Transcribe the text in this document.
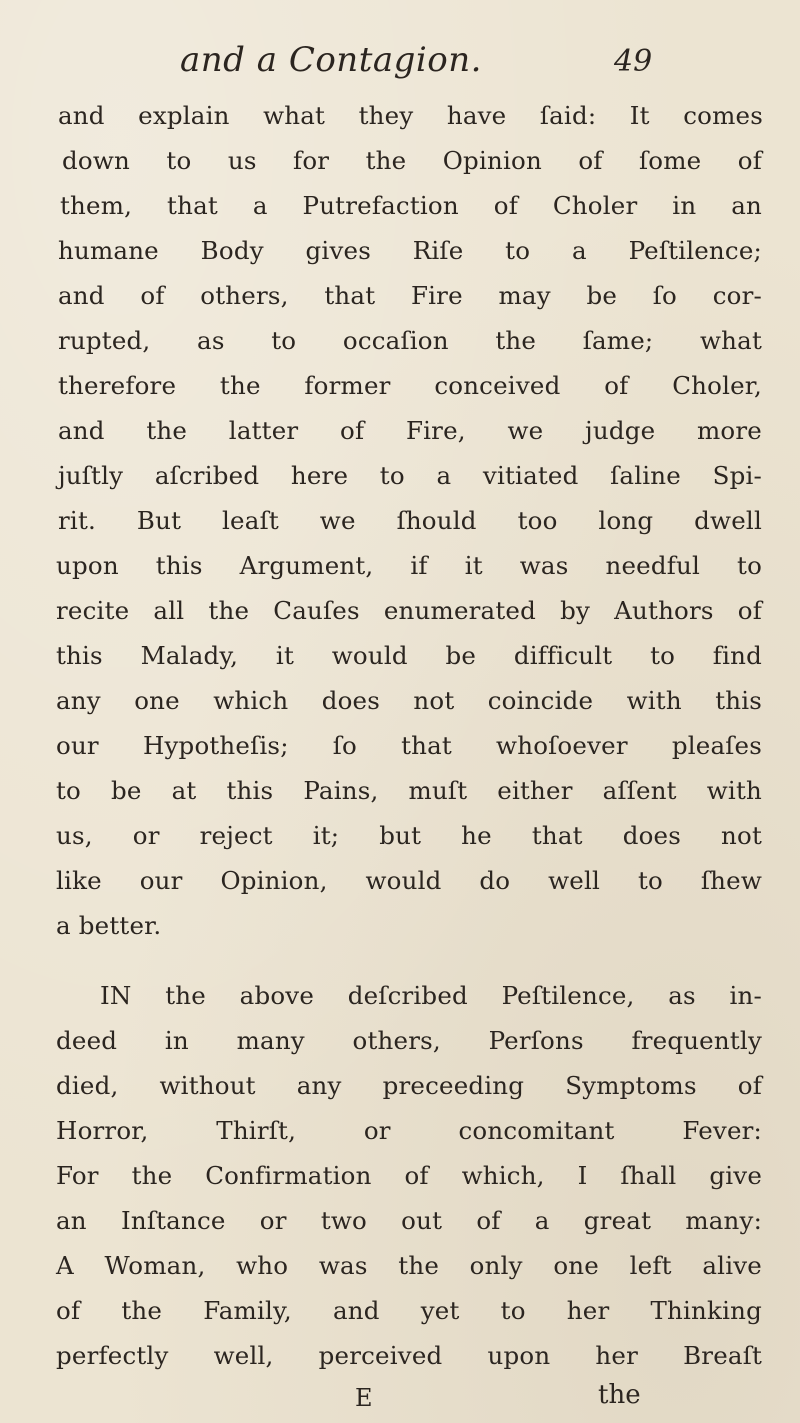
and a Contagion.	49
and explain what they have ſaid: It comes
down to us for the Opinion of ſome of
them, that a Putrefaction of Choler in an
humane Body gives Riſe to a Peſtilence;
and of others, that Fire may be ſo cor-
rupted, as to occaſion the ſame; what
therefore the former conceived of Choler,
and the latter of Fire, we judge more
juſtly aſcribed here to a vitiated ſaline Spi-
rit. But leaſt we ſhould too long dwell
upon this Argument, if it was needful to
recite all the Cauſes enumerated by Authors of
this Malady, it would be difficult to find
any one which does not coincide with this
our Hypotheſis; ſo that whoſoever pleaſes
to be at this Pains, muſt either aſſent with
us, or reject it; but he that does not
like our Opinion, would do well to ſhew
a better.
IN the above deſcribed Peſtilence, as in-
deed in many others, Perſons frequently
died, without any preceeding Symptoms of
Horror, Thirſt, or concomitant Fever:
For the Confirmation of which, I ſhall give
an Inſtance or two out of a great many:
A Woman, who was the only one left alive
of the Family, and yet to her Thinking
perfectly well, perceived upon her Breaſt
E	the
